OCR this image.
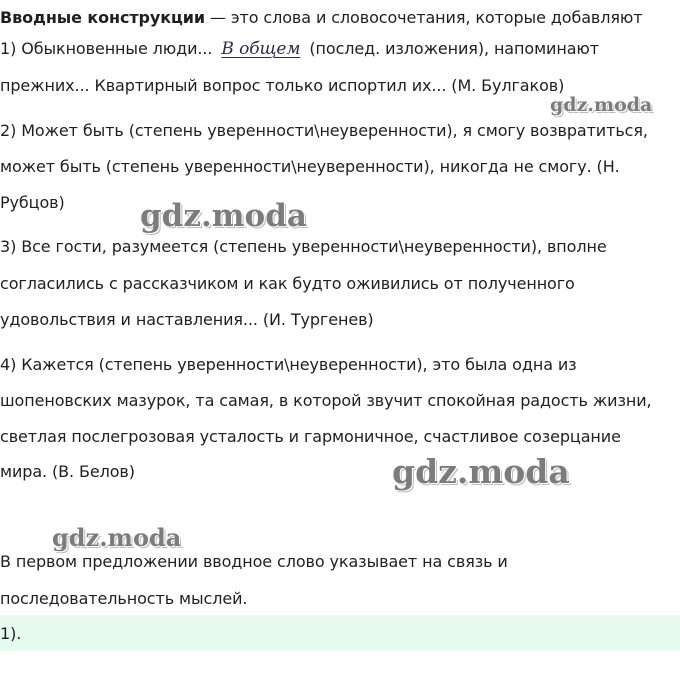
Вводные конструкции — это слова и словосочетания, которые добавляют
1) Обыкновенные люди... В общем (послед. изложения), напоминают
прежних... Квартирный вопрос только испортил их... (М. Булгаков)
gdz.moda
2) Может быть (степень уверенности\неуверенности), я смогу возвратиться,
может быть (степень уверенности\неуверенности), никогда не смогу. (Н.
Рубцов) gdz.moda
3) Все гости, разумеется (степень уверенности\неуверенности), вполне
согласились с рассказчиком и как будто оживились от полученного
удовольствия и наставления... (И. Тургенев)
4) Кажется (степень уверенности\неуверенности), это была одна из
шопеновских мазурок, та самая, в которой звучит спокойная радость жизни,
светлая послегрозовая усталость и гармоничное, счастливое созерцание
мира. (В. Белов)	gdz.moda
gdz.moda
В первом предложении вводное слово указывает на связь и
последовательность мыслей.
1).
